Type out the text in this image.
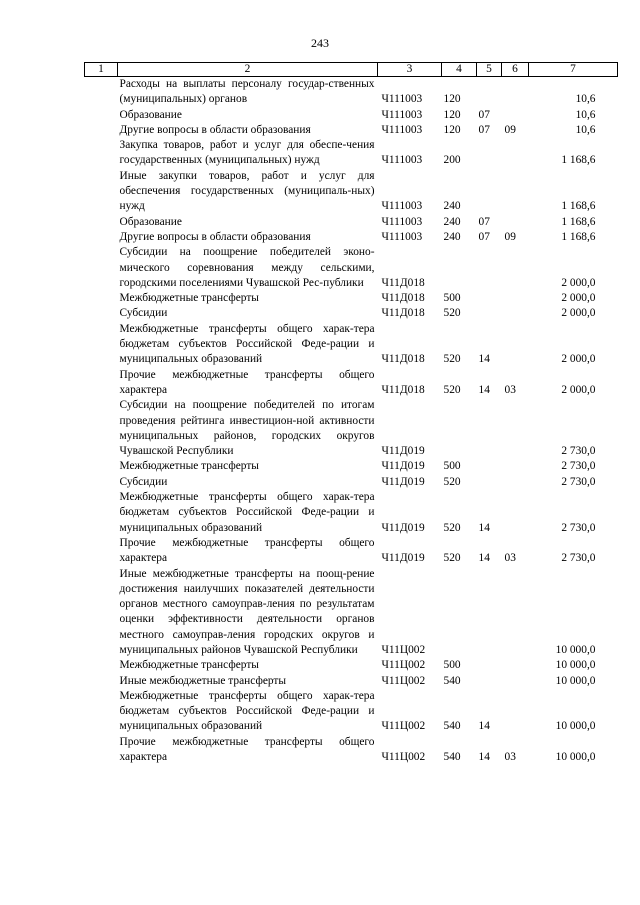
243
1	2	3	4	5	6	7
	Расходы на выплаты персоналу государ-ственных (муниципальных) органов	Ч111003	120			10,6
	Образование	Ч111003	120	07		10,6
	Другие вопросы в области образования	Ч111003	120	07	09	10,6
	Закупка товаров, работ и услуг для обеспе-чения государственных (муниципальных) нужд	Ч111003	200			1 168,6
	Иные закупки товаров, работ и услуг для обеспечения государственных (муниципаль-ных) нужд	Ч111003	240			1 168,6
	Образование	Ч111003	240	07		1 168,6
	Другие вопросы в области образования	Ч111003	240	07	09	1 168,6
	Субсидии на поощрение победителей эконо-мического соревнования между сельскими, городскими поселениями Чувашской Рес-публики	Ч11Д018				2 000,0
	Межбюджетные трансферты	Ч11Д018	500			2 000,0
	Субсидии	Ч11Д018	520			2 000,0
	Межбюджетные трансферты общего харак-тера бюджетам субъектов Российской Феде-рации и муниципальных образований	Ч11Д018	520	14		2 000,0
	Прочие межбюджетные трансферты общего характера	Ч11Д018	520	14	03	2 000,0
	Субсидии на поощрение победителей по итогам проведения рейтинга инвестицион-ной активности муниципальных районов, городских округов Чувашской Республики	Ч11Д019				2 730,0
	Межбюджетные трансферты	Ч11Д019	500			2 730,0
	Субсидии	Ч11Д019	520			2 730,0
	Межбюджетные трансферты общего харак-тера бюджетам субъектов Российской Феде-рации и муниципальных образований	Ч11Д019	520	14		2 730,0
	Прочие межбюджетные трансферты общего характера	Ч11Д019	520	14	03	2 730,0
	Иные межбюджетные трансферты на поощ-рение достижения наилучших показателей деятельности органов местного самоуправ-ления по результатам оценки эффективности деятельности органов местного самоуправ-ления городских округов и муниципальных районов Чувашской Республики	Ч11Ц002				10 000,0
	Межбюджетные трансферты	Ч11Ц002	500			10 000,0
	Иные межбюджетные трансферты	Ч11Ц002	540			10 000,0
	Межбюджетные трансферты общего харак-тера бюджетам субъектов Российской Феде-рации и муниципальных образований	Ч11Ц002	540	14		10 000,0
	Прочие межбюджетные трансферты общего характера	Ч11Ц002	540	14	03	10 000,0
